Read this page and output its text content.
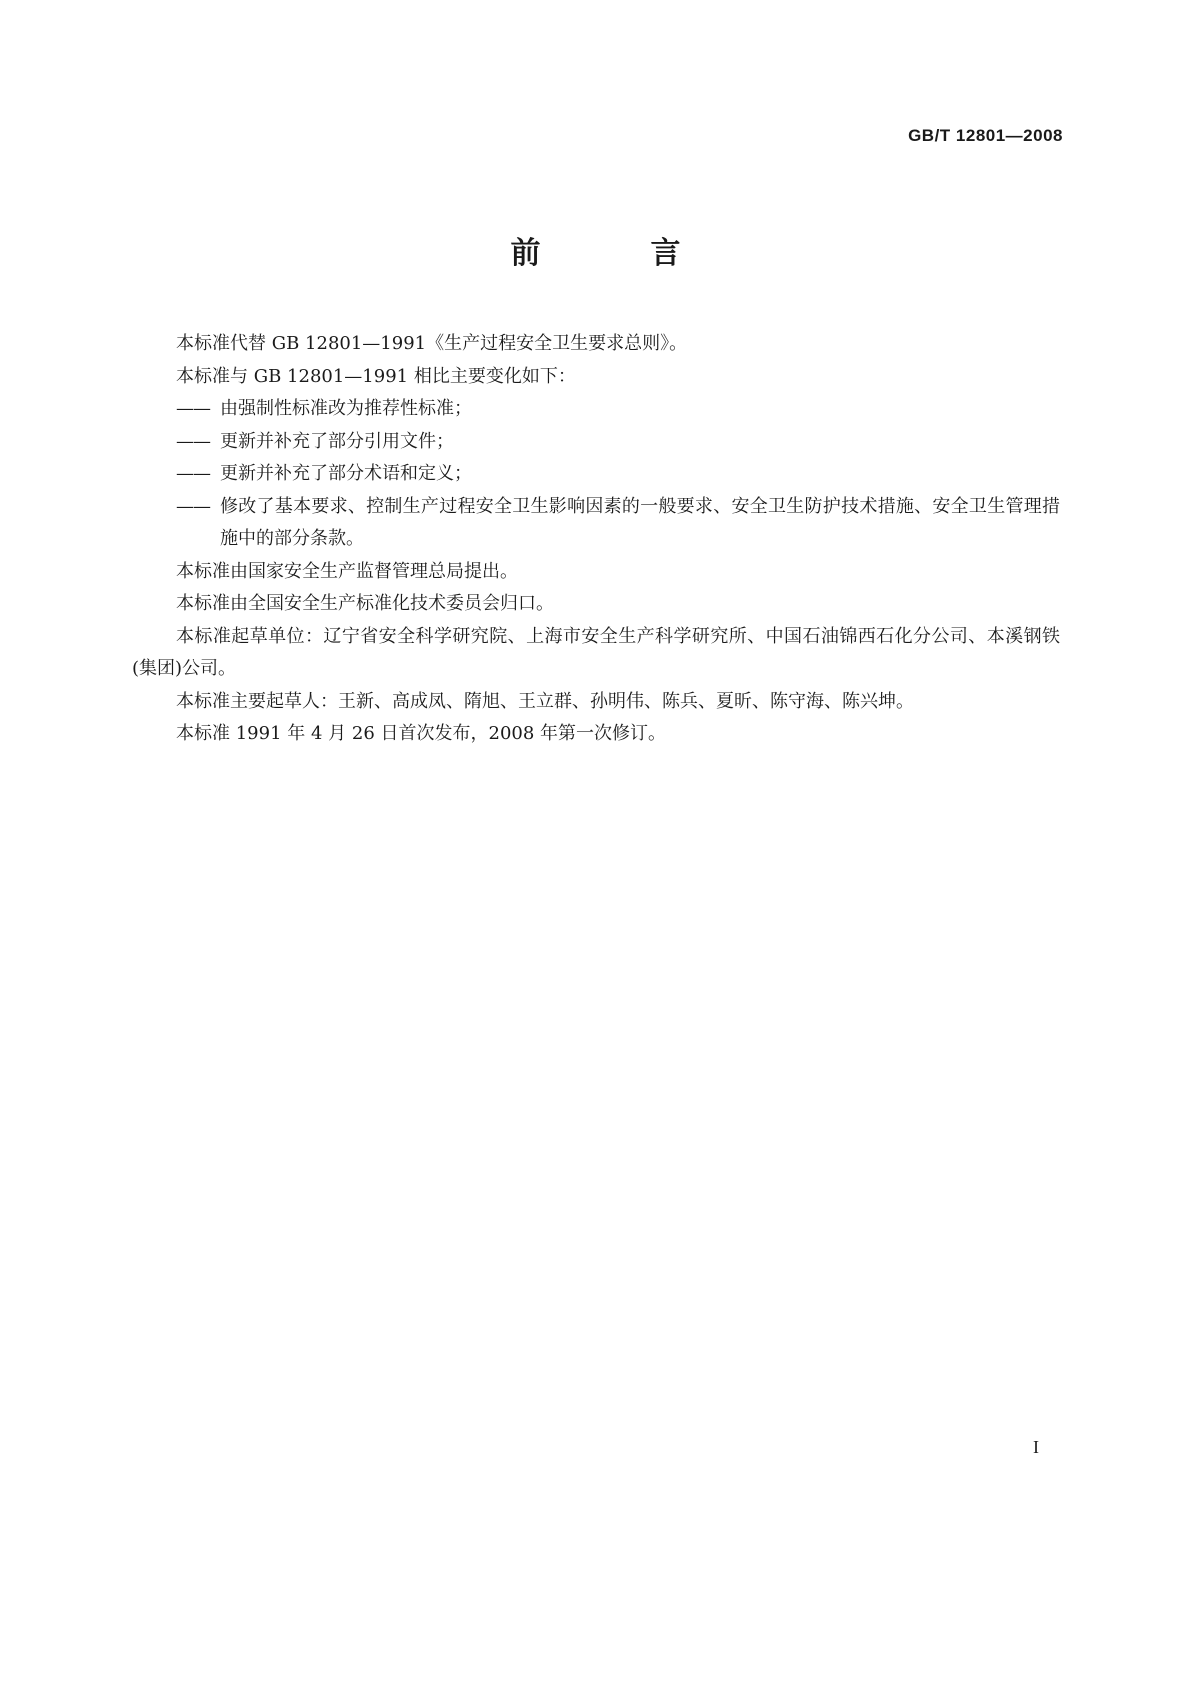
GB/T 12801—2008
前　言

本标准代替 GB 12801—1991《生产过程安全卫生要求总则》。

本标准与 GB 12801—1991 相比主要变化如下：

—— 由强制性标准改为推荐性标准；

—— 更新并补充了部分引用文件；

—— 更新并补充了部分术语和定义；

—— 修改了基本要求、控制生产过程安全卫生影响因素的一般要求、安全卫生防护技术措施、安全卫生管理措施中的部分条款。

本标准由国家安全生产监督管理总局提出。

本标准由全国安全生产标准化技术委员会归口。

本标准起草单位：辽宁省安全科学研究院、上海市安全生产科学研究所、中国石油锦西石化分公司、本溪钢铁(集团)公司。

本标准主要起草人：王新、高成凤、隋旭、王立群、孙明伟、陈兵、夏昕、陈守海、陈兴坤。

本标准 1991 年 4 月 26 日首次发布，2008 年第一次修订。

I
